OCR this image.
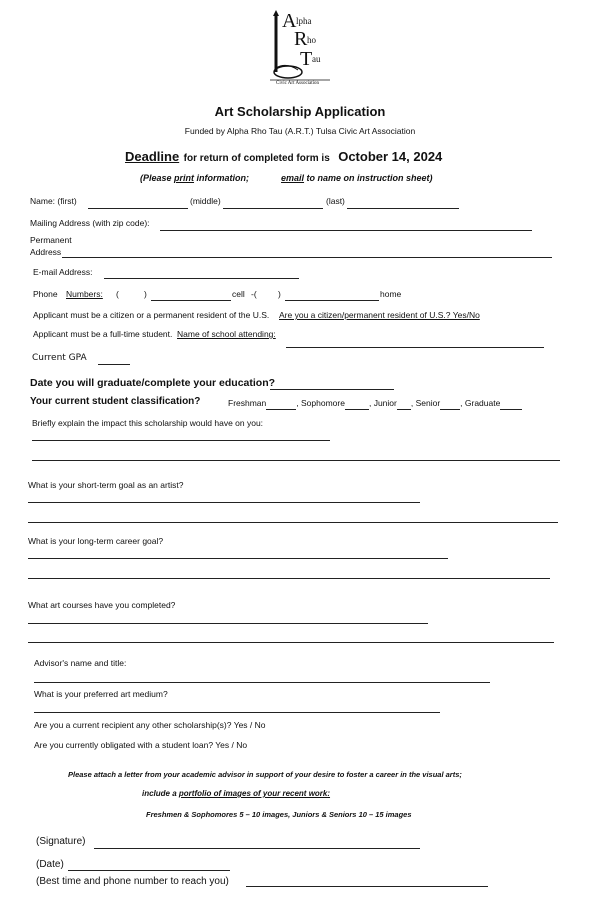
A lpha
R ho
T au
Civic Art Association
Art Scholarship Application
Funded by Alpha Rho Tau (A.R.T.) Tulsa Civic Art Association
Deadline for return of completed form is October 14, 2024
(Please print information;	email to name on instruction sheet)
Name: (first)	(middle)	(last)
Mailing Address (with zip code):
Permanent
Address
E-mail Address:
Phone Numbers: (	)	cell -(	)	home
Applicant must be a citizen or a permanent resident of the U.S. Are you a citizen/permanent resident of U.S.? Yes/No
Applicant must be a full-time student. Name of school attending:
Current GPA
Date you will graduate/complete your education?
Your current student classification?	Freshman	, Sophomore	, Junior , Senior , Graduate
Briefly explain the impact this scholarship would have on you:
What is your short-term goal as an artist?
What is your long-term career goal?
What art courses have you completed?
Advisor's name and title:
What is your preferred art medium?
Are you a current recipient any other scholarship(s)? Yes / No
Are you currently obligated with a student loan? Yes / No
Please attach a letter from your academic advisor in support of your desire to foster a career in the visual arts;
include a portfolio of images of your recent work:
Freshmen & Sophomores 5 – 10 images, Juniors & Seniors 10 – 15 images
(Signature)
(Date)
(Best time and phone number to reach you)
